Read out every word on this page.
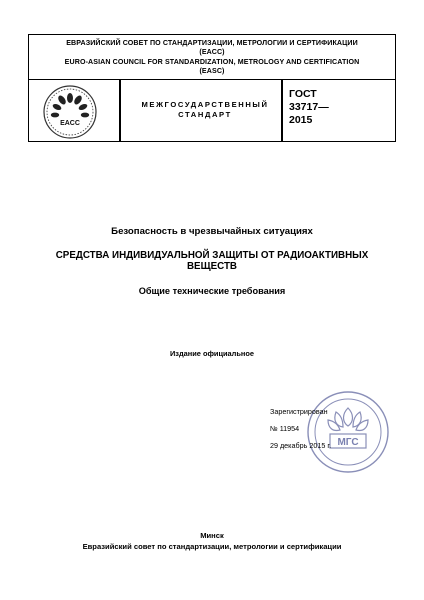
ЕВРАЗИЙСКИЙ СОВЕТ ПО СТАНДАРТИЗАЦИИ, МЕТРОЛОГИИ И СЕРТИФИКАЦИИ
(ЕАСС)
EURO-ASIAN COUNCIL FOR STANDARDIZATION, METROLOGY AND CERTIFICATION
(EASC)
EACC
МЕЖГОСУДАРСТВЕННЫЙ
СТАНДАРТ
ГОСТ
33717—
2015
Безопасность в чрезвычайных ситуациях
СРЕДСТВА ИНДИВИДУАЛЬНОЙ ЗАЩИТЫ ОТ РАДИОАКТИВНЫХ
ВЕЩЕСТВ
Общие технические требования
Издание официальное
МГС
Зарегистрирован
№ 11954
29 декабрь 2015 г.
Минск
Евразийский совет по стандартизации, метрологии и сертификации
